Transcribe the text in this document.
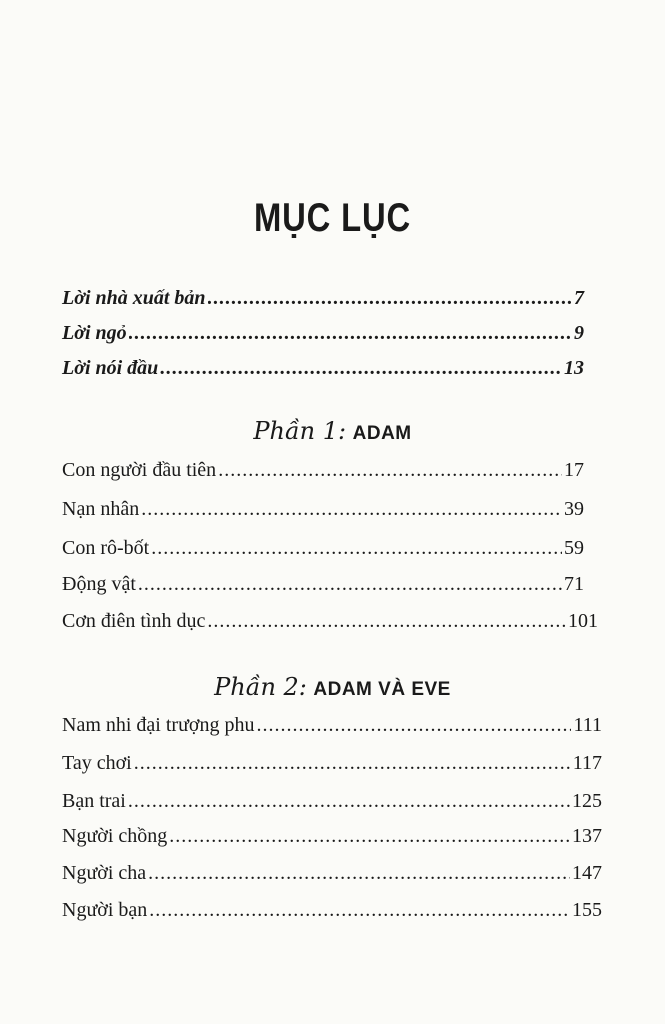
MỤC LỤC
Lời nhà xuất bản .....	7
Lời ngỏ .....	9
Lời nói đầu .....	13
Phần 1: ADAM
Con người đầu tiên .....	17
Nạn nhân .....	39
Con rô-bốt .....	59
Động vật .....	71
Cơn điên tình dục .....	101
Phần 2: ADAM VÀ EVE
Nam nhi đại trượng phu .....	111
Tay chơi .....	117
Bạn trai .....	125
Người chồng .....	137
Người cha .....	147
Người bạn .....	155
